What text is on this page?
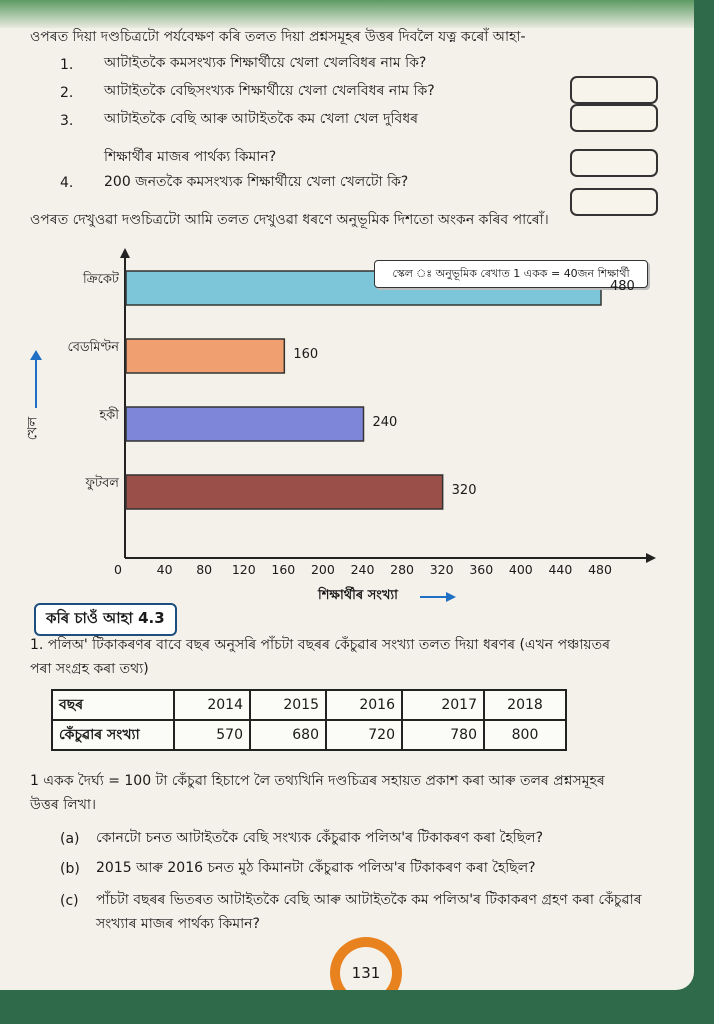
ওপৰত দিয়া দণ্ডচিত্ৰটো পৰ্যবেক্ষণ কৰি তলত দিয়া প্ৰশ্নসমূহৰ উত্তৰ দিবলৈ যত্ন কৰোঁ আহা-
1. আটাইতকৈ কমসংখ্যক শিক্ষাৰ্থীয়ে খেলা খেলবিধৰ নাম কি?
2. আটাইতকৈ বেছিসংখ্যক শিক্ষাৰ্থীয়ে খেলা খেলবিধৰ নাম কি?
3. আটাইতকৈ বেছি আৰু আটাইতকৈ কম খেলা খেল দুবিধৰ
শিক্ষাৰ্থীৰ মাজৰ পাৰ্থক্য কিমান?
4. 200 জনতকৈ কমসংখ্যক শিক্ষাৰ্থীয়ে খেলা খেলটো কি?
ওপৰত দেখুওৱা দণ্ডচিত্ৰটো আমি তলত দেখুওৱা ধৰণে অনুভূমিক দিশতো অংকন কৰিব পাৰোঁ।
স্কেল ঃ অনুভূমিক ৰেখাত 1 একক = 40জন শিক্ষাৰ্থী
ক্ৰিকেট
বেডমিণ্টন
হকী
ফুটবল
480
160
240
320
0	40	80	120	160	200	240	280	320	360	400	440	480
খেল
শিক্ষাৰ্থীৰ সংখ্যা
কৰি চাওঁ আহা 4.3
1. পলিঅ' টিকাকৰণৰ বাবে বছৰ অনুসৰি পাঁচটা বছৰৰ কেঁচুৱাৰ সংখ্যা তলত দিয়া ধৰণৰ (এখন পঞ্চায়তৰ
পৰা সংগ্ৰহ কৰা তথ্য)
বছৰ	2014	2015	2016	2017	2018
কেঁচুৱাৰ সংখ্যা	570	680	720	780	800
1 একক দৈৰ্ঘ্য = 100 টা কেঁচুৱা হিচাপে লৈ তথ্যখিনি দণ্ডচিত্ৰৰ সহায়ত প্ৰকাশ কৰা আৰু তলৰ প্ৰশ্নসমূহৰ
উত্তৰ লিখা।
(a) কোনটো চনত আটাইতকৈ বেছি সংখ্যক কেঁচুৱাক পলিঅ'ৰ টিকাকৰণ কৰা হৈছিল?
(b) 2015 আৰু 2016 চনত মুঠ কিমানটা কেঁচুৱাক পলিঅ'ৰ টিকাকৰণ কৰা হৈছিল?
(c) পাঁচটা বছৰৰ ভিতৰত আটাইতকৈ বেছি আৰু আটাইতকৈ কম পলিঅ'ৰ টিকাকৰণ গ্ৰহণ কৰা কেঁচুৱাৰ
সংখ্যাৰ মাজৰ পাৰ্থক্য কিমান?
131
